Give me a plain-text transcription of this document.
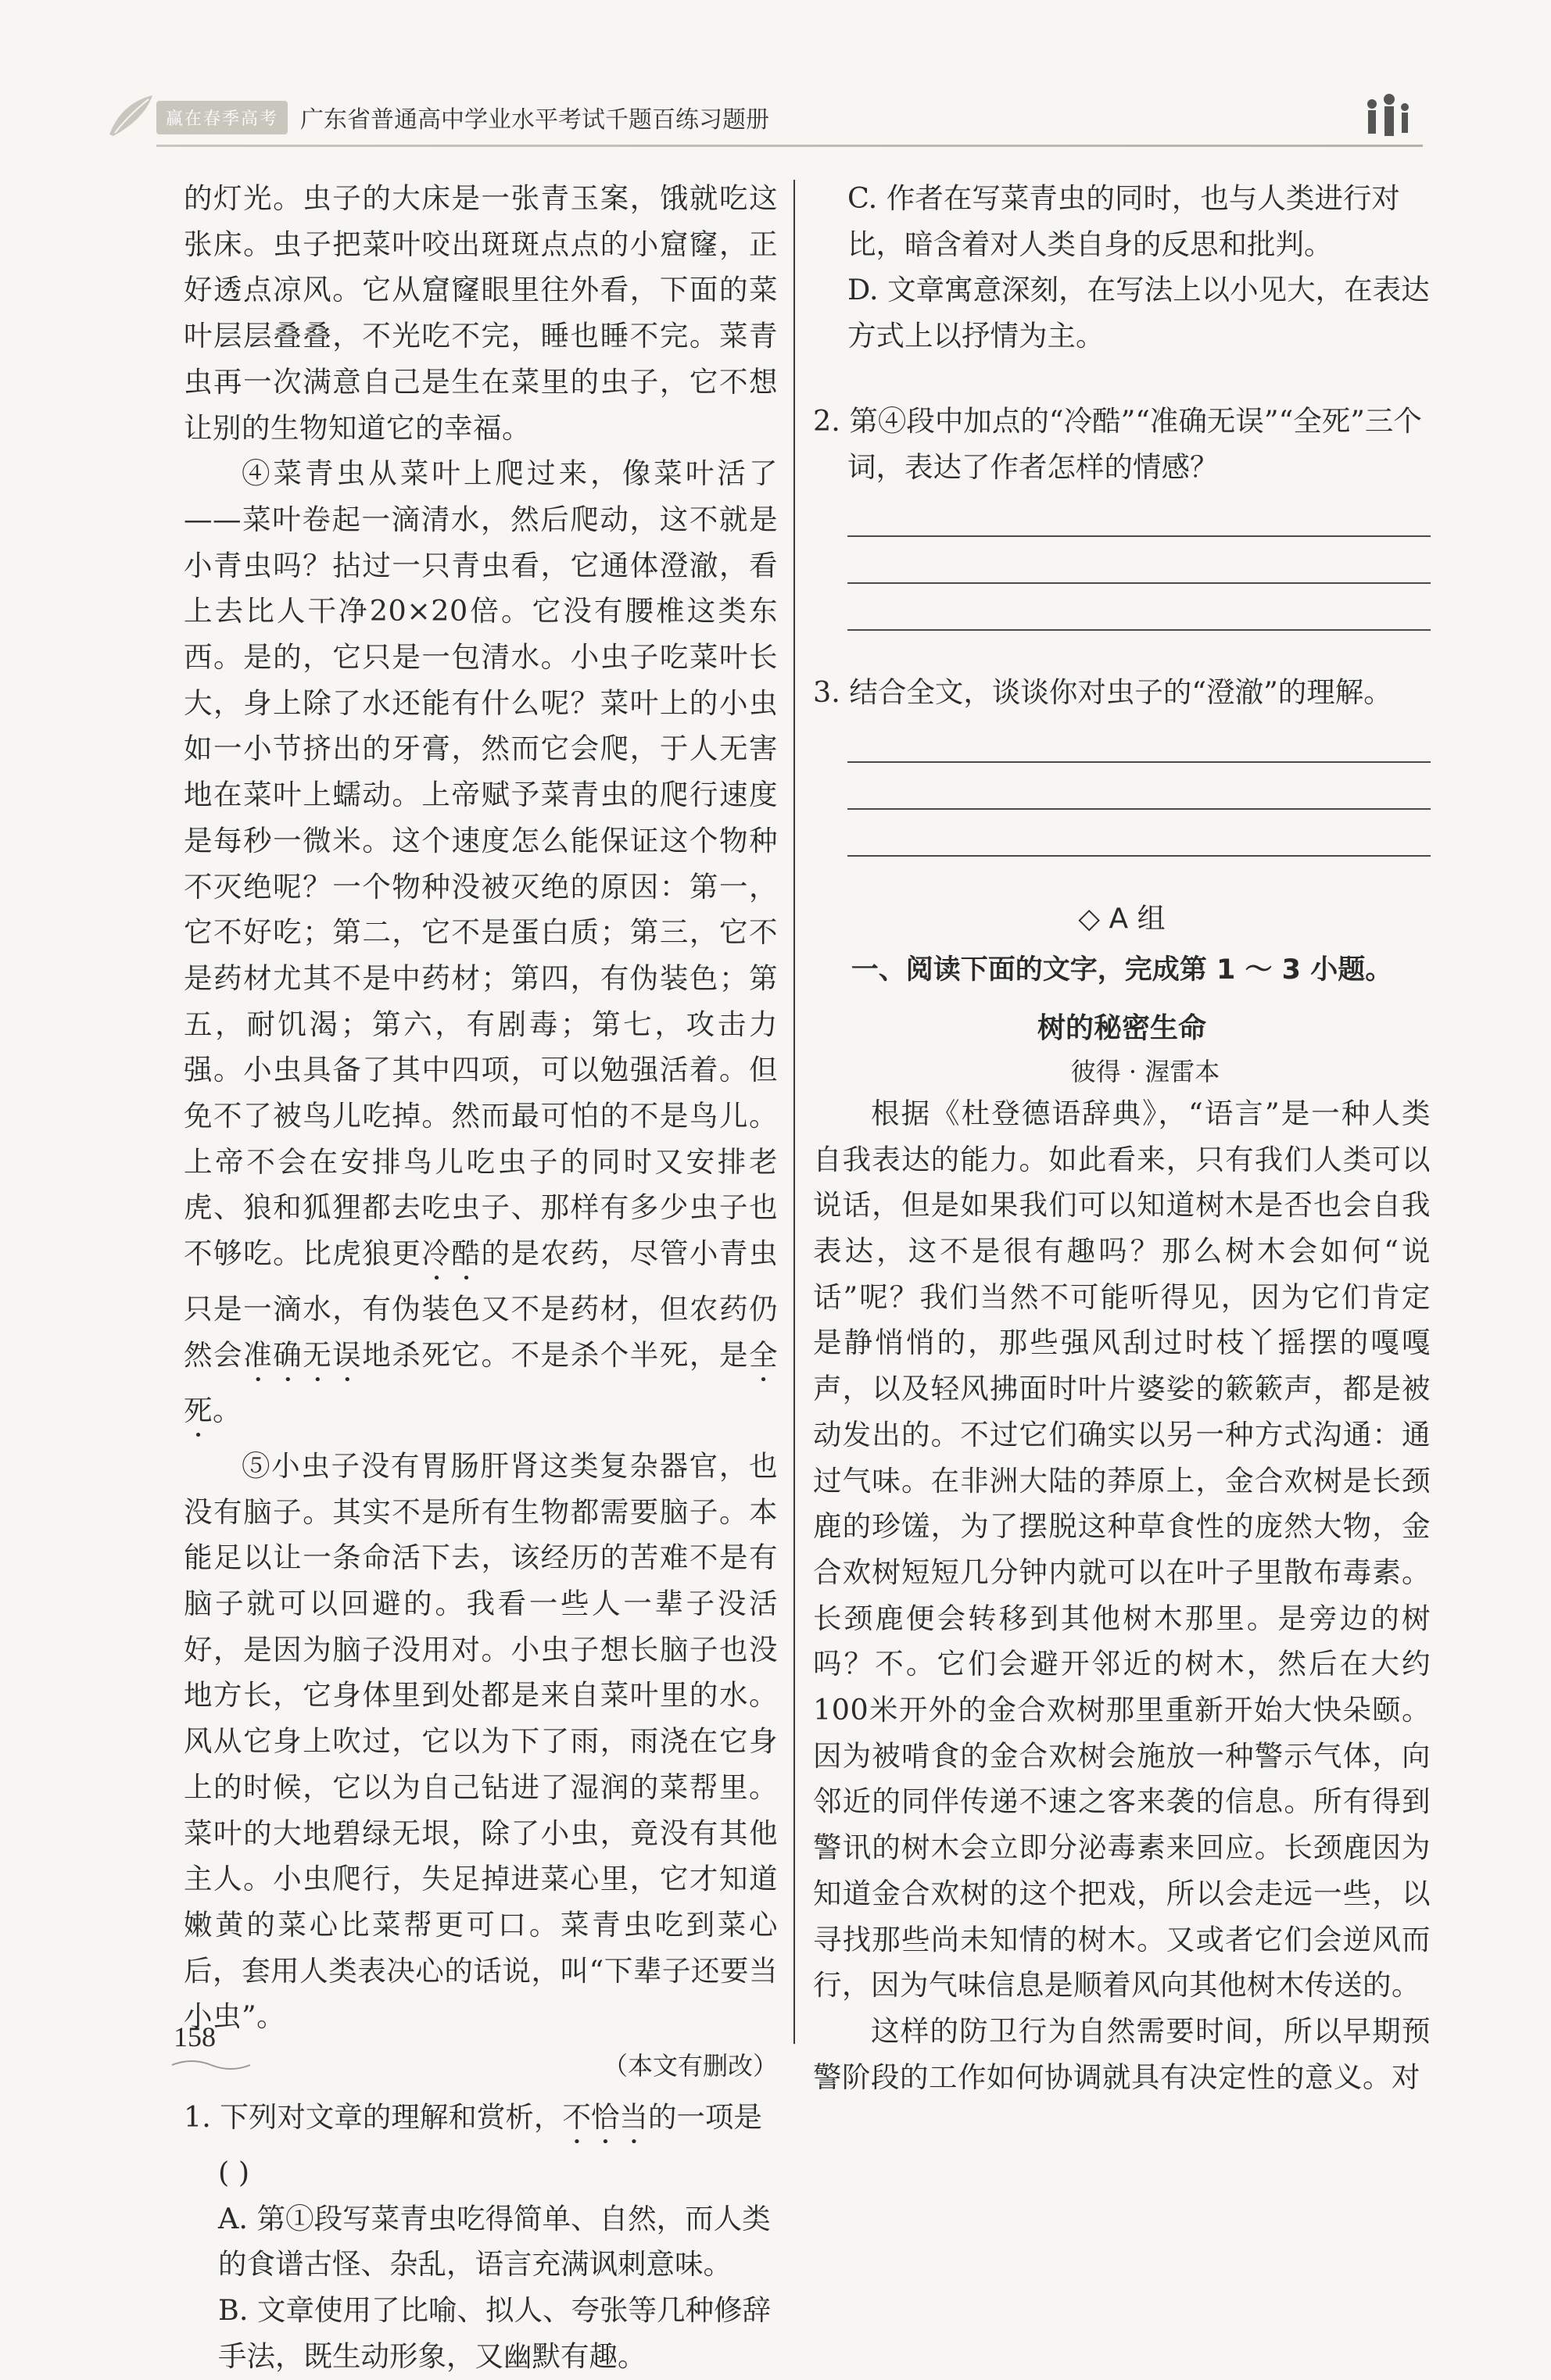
赢在春季高考 广东省普通高中学业水平考试千题百练习题册

的灯光。虫子的大床是一张青玉案，饿就吃这张床。虫子把菜叶咬出斑斑点点的小窟窿，正好透点凉风。它从窟窿眼里往外看，下面的菜叶层层叠叠，不光吃不完，睡也睡不完。菜青虫再一次满意自己是生在菜里的虫子，它不想让别的生物知道它的幸福。

④菜青虫从菜叶上爬过来，像菜叶活了——菜叶卷起一滴清水，然后爬动，这不就是小青虫吗？拈过一只青虫看，它通体澄澈，看上去比人干净20×20倍。它没有腰椎这类东西。是的，它只是一包清水。小虫子吃菜叶长大，身上除了水还能有什么呢？菜叶上的小虫如一小节挤出的牙膏，然而它会爬，于人无害地在菜叶上蠕动。上帝赋予菜青虫的爬行速度是每秒一微米。这个速度怎么能保证这个物种不灭绝呢？一个物种没被灭绝的原因：第一，它不好吃；第二，它不是蛋白质；第三，它不是药材尤其不是中药材；第四，有伪装色；第五，耐饥渴；第六，有剧毒；第七，攻击力强。小虫具备了其中四项，可以勉强活着。但免不了被鸟儿吃掉。然而最可怕的不是鸟儿。上帝不会在安排鸟儿吃虫子的同时又安排老虎、狼和狐狸都去吃虫子、那样有多少虫子也不够吃。比虎狼更冷酷的是农药，尽管小青虫只是一滴水，有伪装色又不是药材，但农药仍然会准确无误地杀死它。不是杀个半死，是全死。

⑤小虫子没有胃肠肝肾这类复杂器官，也没有脑子。其实不是所有生物都需要脑子。本能足以让一条命活下去，该经历的苦难不是有脑子就可以回避的。我看一些人一辈子没活好，是因为脑子没用对。小虫子想长脑子也没地方长，它身体里到处都是来自菜叶里的水。风从它身上吹过，它以为下了雨，雨浇在它身上的时候，它以为自己钻进了湿润的菜帮里。菜叶的大地碧绿无垠，除了小虫，竟没有其他主人。小虫爬行，失足掉进菜心里，它才知道嫩黄的菜心比菜帮更可口。菜青虫吃到菜心后，套用人类表决心的话说，叫“下辈子还要当小虫”。

（本文有删改）

1. 下列对文章的理解和赏析，不恰当的一项是

( )

A. 第①段写菜青虫吃得简单、自然，而人类的食谱古怪、杂乱，语言充满讽刺意味。

B. 文章使用了比喻、拟人、夸张等几种修辞手法，既生动形象，又幽默有趣。

C. 作者在写菜青虫的同时，也与人类进行对比，暗含着对人类自身的反思和批判。

D. 文章寓意深刻，在写法上以小见大，在表达方式上以抒情为主。

2. 第④段中加点的“冷酷”“准确无误”“全死”三个词，表达了作者怎样的情感？

3. 结合全文，谈谈你对虫子的“澄澈”的理解。

◇ A 组
一、阅读下面的文字，完成第 1 ～ 3 小题。
树的秘密生命
彼得 · 渥雷本

根据《杜登德语辞典》，“语言”是一种人类自我表达的能力。如此看来，只有我们人类可以说话，但是如果我们可以知道树木是否也会自我表达，这不是很有趣吗？那么树木会如何“说话”呢？我们当然不可能听得见，因为它们肯定是静悄悄的，那些强风刮过时枝丫摇摆的嘎嘎声，以及轻风拂面时叶片婆娑的簌簌声，都是被动发出的。不过它们确实以另一种方式沟通：通过气味。在非洲大陆的莽原上，金合欢树是长颈鹿的珍馐，为了摆脱这种草食性的庞然大物，金合欢树短短几分钟内就可以在叶子里散布毒素。长颈鹿便会转移到其他树木那里。是旁边的树吗？不。它们会避开邻近的树木，然后在大约100米开外的金合欢树那里重新开始大快朵颐。因为被啃食的金合欢树会施放一种警示气体，向邻近的同伴传递不速之客来袭的信息。所有得到警讯的树木会立即分泌毒素来回应。长颈鹿因为知道金合欢树的这个把戏，所以会走远一些，以寻找那些尚未知情的树木。又或者它们会逆风而行，因为气味信息是顺着风向其他树木传送的。

这样的防卫行为自然需要时间，所以早期预警阶段的工作如何协调就具有决定性的意义。对

158
